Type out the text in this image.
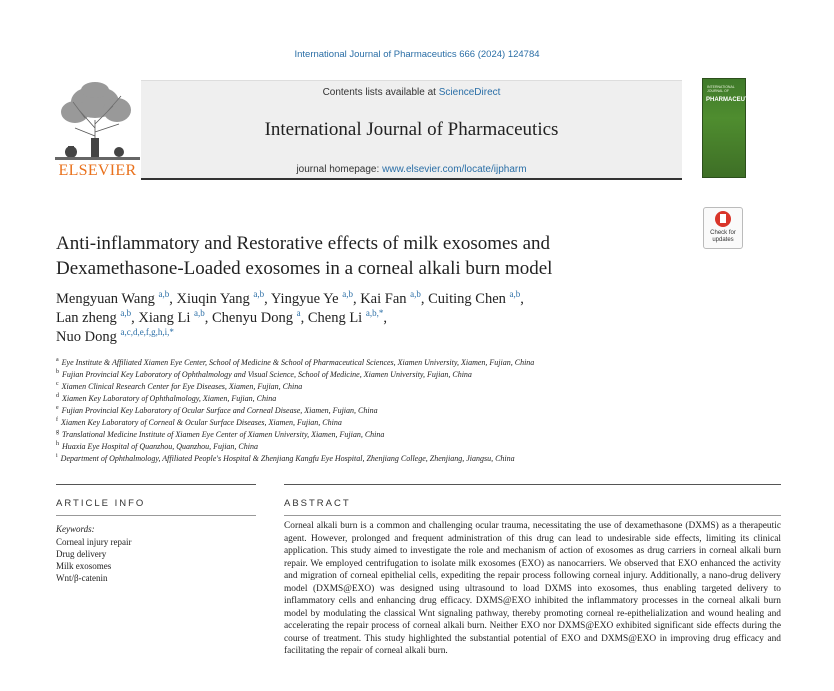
International Journal of Pharmaceutics 666 (2024) 124784
ELSEVIER
Contents lists available at ScienceDirect
International Journal of Pharmaceutics
journal homepage: www.elsevier.com/locate/ijpharm
INTERNATIONAL JOURNAL OF
PHARMACEUTICS
Check for
updates
Anti-inflammatory and Restorative effects of milk exosomes and
Dexamethasone-Loaded exosomes in a corneal alkali burn model
Mengyuan Wang $^{a,b}$, Xiuqin Yang $^{a,b}$, Yingyue Ye $^{a,b}$, Kai Fan $^{a,b}$, Cuiting Chen $^{a,b}$,
Lan zheng $^{a,b}$, Xiang Li $^{a,b}$, Chenyu Dong $^a$, Cheng Li $^{a,b,*}$,
Nuo Dong $^{a,c,d,e,f,g,h,i,*}$
$^a$ Eye Institute & Affiliated Xiamen Eye Center, School of Medicine & School of Pharmaceutical Sciences, Xiamen University, Xiamen, Fujian, China
$^b$ Fujian Provincial Key Laboratory of Ophthalmology and Visual Science, School of Medicine, Xiamen University, Fujian, China
$^c$ Xiamen Clinical Research Center for Eye Diseases, Xiamen, Fujian, China
$^d$ Xiamen Key Laboratory of Ophthalmology, Xiamen, Fujian, China
$^e$ Fujian Provincial Key Laboratory of Ocular Surface and Corneal Disease, Xiamen, Fujian, China
$^f$ Xiamen Key Laboratory of Corneal & Ocular Surface Diseases, Xiamen, Fujian, China
$^g$ Translational Medicine Institute of Xiamen Eye Center of Xiamen University, Xiamen, Fujian, China
$^h$ Huaxia Eye Hospital of Quanzhou, Quanzhou, Fujian, China
$^i$ Department of Ophthalmology, Affiliated People's Hospital & Zhenjiang Kangfu Eye Hospital, Zhenjiang College, Zhenjiang, Jiangsu, China
ARTICLE INFO	ABSTRACT
Keywords:
Corneal injury repair
Drug delivery
Milk exosomes
Wnt/β-catenin
Corneal alkali burn is a common and challenging ocular trauma, necessitating the use of dexamethasone (DXMS) as a therapeutic agent. However, prolonged and frequent administration of this drug can lead to undesirable side effects, limiting its clinical application. This study aimed to investigate the role and mechanism of action of exosomes as drug carriers in corneal alkali burn repair. We employed centrifugation to isolate milk exosomes (EXO) as nanocarriers. We observed that EXO enhanced the activity and migration of corneal epithelial cells, expediting the repair process following corneal injury. Additionally, a nano-drug delivery model (DXMS@EXO) was designed using ultrasound to load DXMS into exosomes, thus enabling targeted delivery to inflammatory cells and enhancing drug efficacy. DXMS@EXO inhibited the inflammatory processes in the corneal alkali burn model by modulating the classical Wnt signaling pathway, thereby promoting corneal re-epithelialization and wound healing and accelerating the repair process of corneal alkali burn. Neither EXO nor DXMS@EXO exhibited significant side effects during the course of treatment. This study highlighted the substantial potential of EXO and DXMS@EXO in improving drug efficacy and facilitating the repair of corneal alkali burn.
